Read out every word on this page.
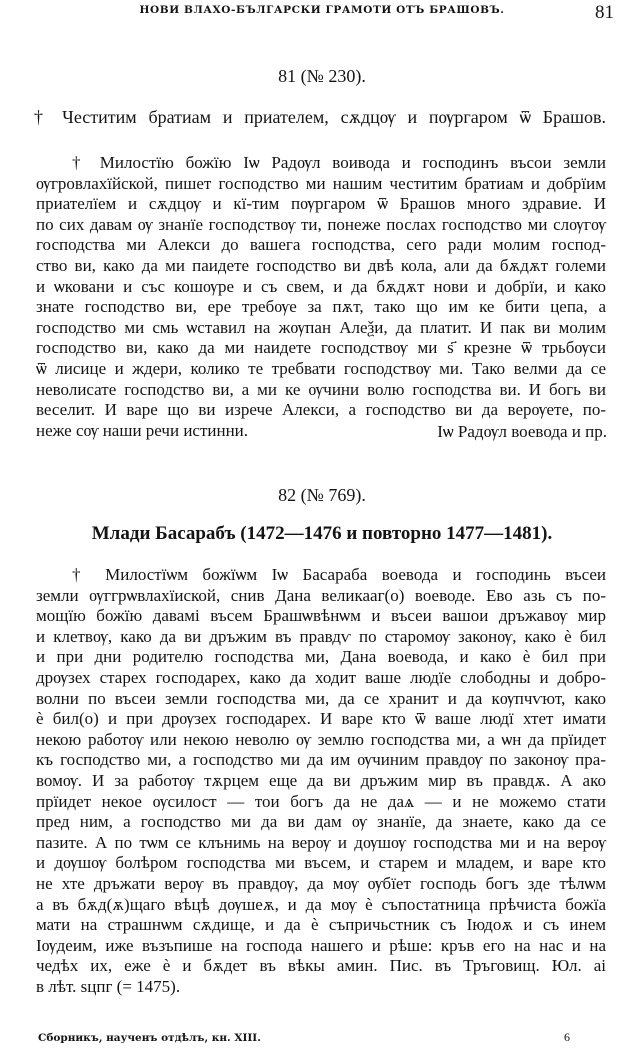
НОВИ ВЛАХО-БЪЛГАРСКИ ГРАМОТИ ОТЪ БРАШОВЪ.	81
81 (№ 230).
† Честитим братиам и приателем, сѫдцѹ и пѹргаром ѿ Брашов.
† Милостїю божїю Іѡ Радѹл воивода и господинъ въсои земли
ѹгровлахїйской, пишет господство ми нашим честитим братиам и добрїим
приателїем и сѫдцѹ и кї-тим пѹргаром ѿ Брашов много здравие. И
по сих давам ѹ знанїе господствѹ ти, понеже послах господство ми слѹгѹ
господства ми Алекси до вашега господства, сего ради молим господ-
ство ви, како да ми паидете господство ви двѣ кола, али да бѫдѫт големи
и ѡковани и със кошѹре и съ свем, и да бѫдѫт нови и добрїи, и како
знате господство ви, ере требѹе за пѫт, тако що им ке бити цепа, а
господство ми смь ѡставил на жѹпан Алеѯи, да платит. И пак ви молим
господство ви, како да ми наидете господствѹ ми ѕ҃ крезне ѿ трьбѹси
ѿ лисице и ждери, колико те требвати господствѹ ми. Тако велми да се
неволисате господство ви, а ми ке ѹчини волю господства ви. И богь ви
веселит. И варе що ви изрече Алекси, а господство ви да верѹете, по-
неже сѹ наши речи истинни.	Іѡ Радѹл воевода и пр.
82 (№ 769).
Млади Басарабъ (1472—1476 и повторно 1477—1481).
† Милостїѡм божїѡм Іѡ Басараба воевода и господинь въсеи
земли ѹггрѡвлахїиской, снив Дана великааг(о) воеводе. Ево азь съ по-
мощїю божїю давамі въсем Брашѡвѣнѡм и въсеи вашои дръжавѹ мир
и клетвѹ, како да ви дръжим въ правдѵ по старомѹ законѹ, како ѐ бил
и при дни родителю господства ми, Дана воевода, и како ѐ бил при
дрѹзех старех господарех, како да ходит ваше людїе слободны и добро-
волни по въсеи земли господства ми, да се хранит и да кѹпчѵют, како
ѐ бил(о) и при дрѹзех господарех. И варе кто ѿ ваше людї хтет имати
некою работѹ или некою неволю ѹ землю господства ми, а ѡн да прїидет
къ господство ми, а господство ми да им ѹчиним правдѹ по законѹ пра-
вомѹ. И за работѹ тѫрцем еще да ви дръжим мир въ правдѫ. А ако
прїидет некое ѹсилост — тои богъ да не даѧ — и не можемо стати
пред ним, а господство ми да ви дам ѹ знанїе, да знаете, како да се
пазите. А по тѡм се клънимь на верѹ и дѹшѹ господства ми и на верѹ
и дѹшѹ болѣром господства ми въсем, и старем и младем, и варе кто
не хте дръжати верѹ въ правдѹ, да мѹ ѹбїет господь богъ зде тѣлѡм
а въ бѫд(ѫ)щаго вѣцѣ дѹшеѫ, и да мѹ ѐ съпостатница прѣчиста божїа
мати на страшнѡм сѫдище, и да ѐ съпричьстник съ Іюдоѫ и съ инем
Іѹдеим, иже възъпише на господа нашего и рѣше: кръв его на нас и на
чедѣх их, еже ѐ и бѫдет въ вѣкы амин. Пис. въ Тръговищ. Юл. аі
в лѣт. ѕцпг (= 1475).
Сборникъ, наученъ отдѣлъ, кн. XIII.	6
